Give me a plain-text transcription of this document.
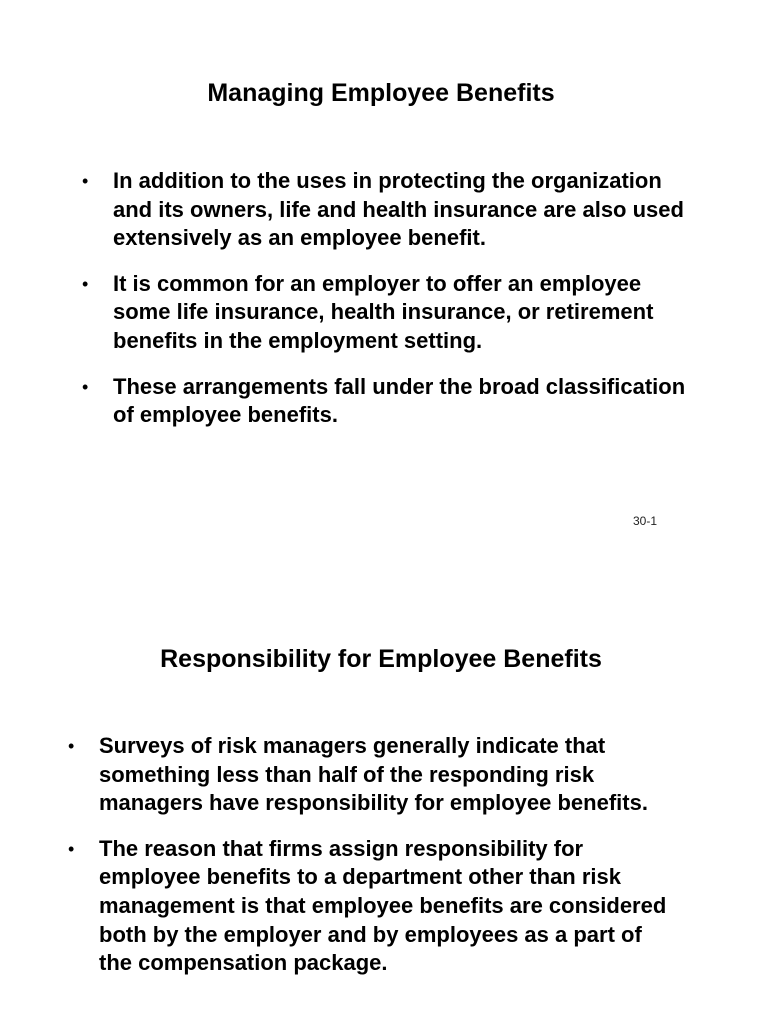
Managing Employee Benefits
• In addition to the uses in protecting the organization and its owners, life and health insurance are also used extensively as an employee benefit.
• It is common for an employer to offer an employee some life insurance, health insurance, or retirement benefits in the employment setting.
• These arrangements fall under the broad classification of employee benefits.
30-1
Responsibility for Employee Benefits
• Surveys of risk managers generally indicate that something less than half of the responding risk managers have responsibility for employee benefits.
• The reason that firms assign responsibility for employee benefits to a department other than risk management is that employee benefits are considered both by the employer and by employees as a part of the compensation package.
